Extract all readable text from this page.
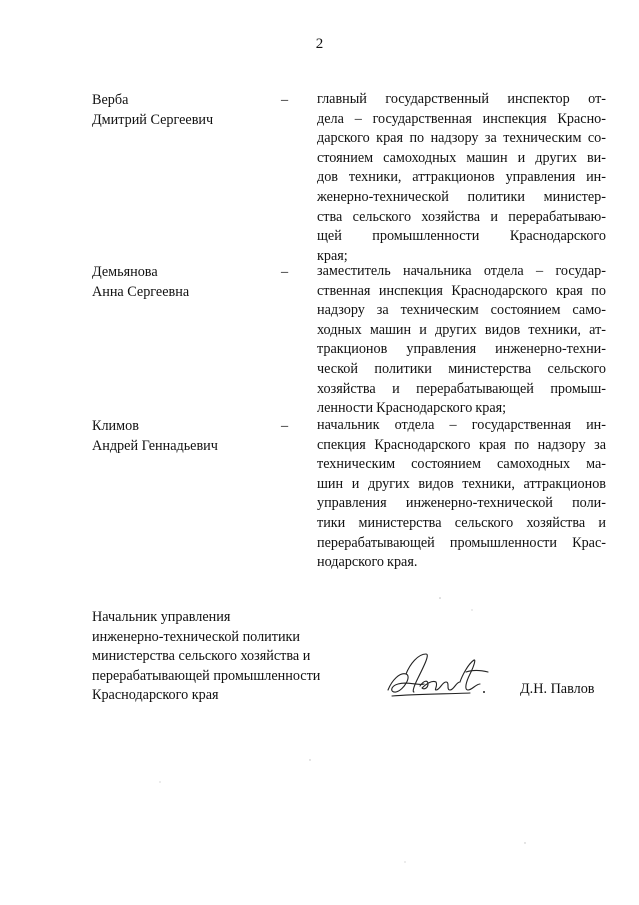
2
Верба
Дмитрий Сергеевич
– главный государственный инспектор от-
дела – государственная инспекция Красно-
дарского края по надзору за техническим со-
стоянием самоходных машин и других ви-
дов техники, аттракционов управления ин-
женерно-технической политики министер-
ства сельского хозяйства и перерабатываю-
щей промышленности Краснодарского
края;
Демьянова
Анна Сергеевна
– заместитель начальника отдела – государ-
ственная инспекция Краснодарского края по
надзору за техническим состоянием само-
ходных машин и других видов техники, ат-
тракционов управления инженерно-техни-
ческой политики министерства сельского
хозяйства и перерабатывающей промыш-
ленности Краснодарского края;
Климов
Андрей Геннадьевич
– начальник отдела – государственная ин-
спекция Краснодарского края по надзору за
техническим состоянием самоходных ма-
шин и других видов техники, аттракционов
управления инженерно-технической поли-
тики министерства сельского хозяйства и
перерабатывающей промышленности Крас-
нодарского края.
Начальник управления
инженерно-технической политики
министерства сельского хозяйства и
перерабатывающей промышленности
Краснодарского края	Д.Н. Павлов
